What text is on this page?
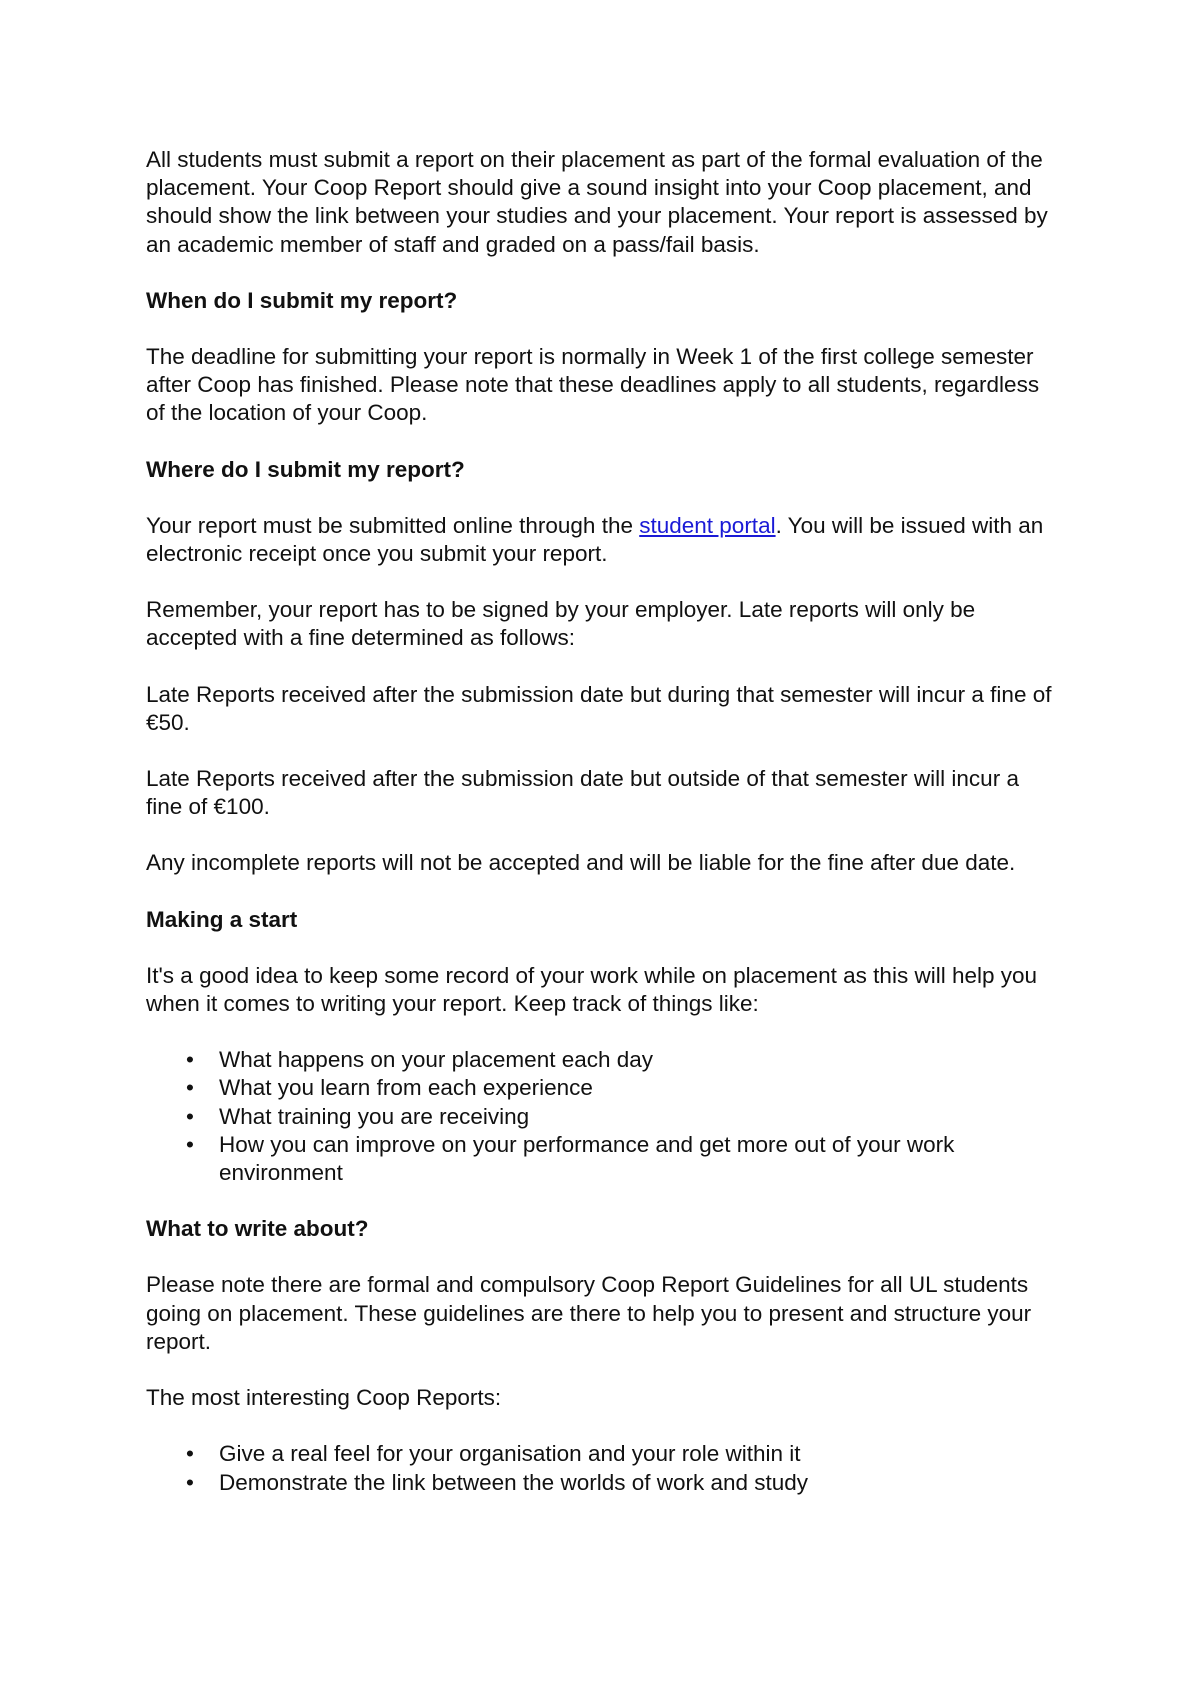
All students must submit a report on their placement as part of the formal evaluation of the placement. Your Coop Report should give a sound insight into your Coop placement, and should show the link between your studies and your placement. Your report is assessed by an academic member of staff and graded on a pass/fail basis.

When do I submit my report?

The deadline for submitting your report is normally in Week 1 of the first college semester after Coop has finished. Please note that these deadlines apply to all students, regardless of the location of your Coop.

Where do I submit my report?

Your report must be submitted online through the student portal. You will be issued with an electronic receipt once you submit your report.

Remember, your report has to be signed by your employer. Late reports will only be accepted with a fine determined as follows:

Late Reports received after the submission date but during that semester will incur a fine of €50.

Late Reports received after the submission date but outside of that semester will incur a fine of €100.

Any incomplete reports will not be accepted and will be liable for the fine after due date.

Making a start

It's a good idea to keep some record of your work while on placement as this will help you when it comes to writing your report. Keep track of things like:

• What happens on your placement each day
• What you learn from each experience
• What training you are receiving
• How you can improve on your performance and get more out of your work environment
What to write about?

Please note there are formal and compulsory Coop Report Guidelines for all UL students going on placement. These guidelines are there to help you to present and structure your report.

The most interesting Coop Reports:

• Give a real feel for your organisation and your role within it
• Demonstrate the link between the worlds of work and study
